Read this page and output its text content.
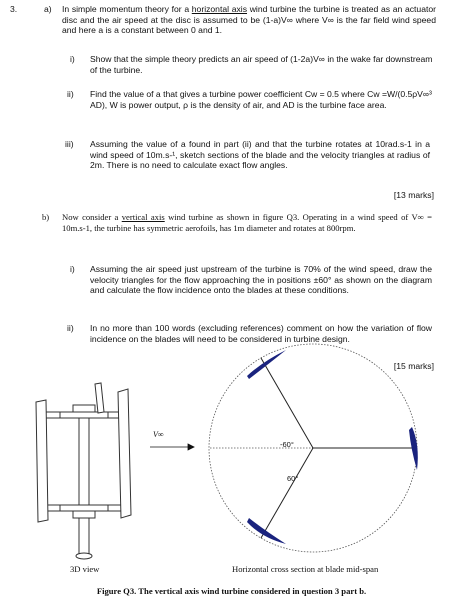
3.	a) In simple momentum theory for a horizontal axis wind turbine the turbine is treated as an actuator disc and the air speed at the disc is assumed to be (1-a)V∞ where V∞ is the far field wind speed and here a is a constant between 0 and 1.
i) Show that the simple theory predicts an air speed of (1-2a)V∞ in the wake far downstream of the turbine.
ii) Find the value of a that gives a turbine power coefficient Cw = 0.5 where Cw =W/(0.5ρV∞³ AD), W is power output, ρ is the density of air, and AD is the turbine face area.
iii) Assuming the value of a found in part (ii) and that the turbine rotates at 10rad.s-1 in a wind speed of 10m.s-¹, sketch sections of the blade and the velocity triangles at radius of 2m. There is no need to calculate exact flow angles.
[13 marks]
b) Now consider a vertical axis wind turbine as shown in figure Q3. Operating in a wind speed of V∞ = 10m.s-1, the turbine has symmetric aerofoils, has 1m diameter and rotates at 800rpm.
i) Assuming the air speed just upstream of the turbine is 70% of the wind speed, draw the velocity triangles for the flow approaching the in positions ±60° as shown on the diagram and calculate the flow incidence onto the blades at these conditions.
ii) In no more than 100 words (excluding references) comment on how the variation of flow incidence on the blades will need to be considered in turbine design.
[15 marks]
V∞
-60°
60°
3D view	Horizontal cross section at blade mid-span
Figure Q3. The vertical axis wind turbine considered in question 3 part b.
